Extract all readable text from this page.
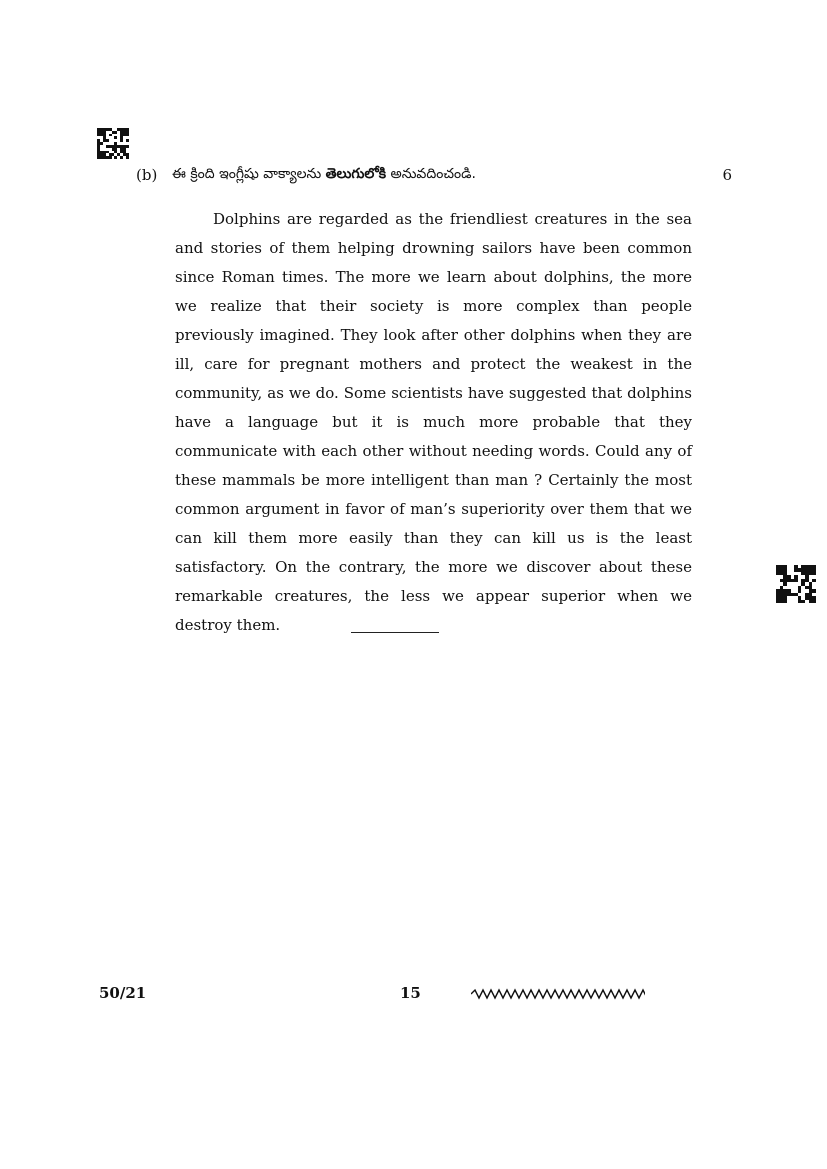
(b) ఈ క్రింది ఇంగ్లీషు వాక్యాలను తెలుగులోకి అనువదించండి.	6

Dolphins are regarded as the friendliest creatures in the sea and stories of them helping drowning sailors have been common since Roman times. The more we learn about dolphins, the more we realize that their society is more complex than people previously imagined. They look after other dolphins when they are ill, care for pregnant mothers and protect the weakest in the community, as we do. Some scientists have suggested that dolphins have a language but it is much more probable that they communicate with each other without needing words. Could any of these mammals be more intelligent than man ? Certainly the most common argument in favor of man’s superiority over them that we can kill them more easily than they can kill us is the least satisfactory. On the contrary, the more we discover about these remarkable creatures, the less we appear superior when we destroy them.

50/21	15
